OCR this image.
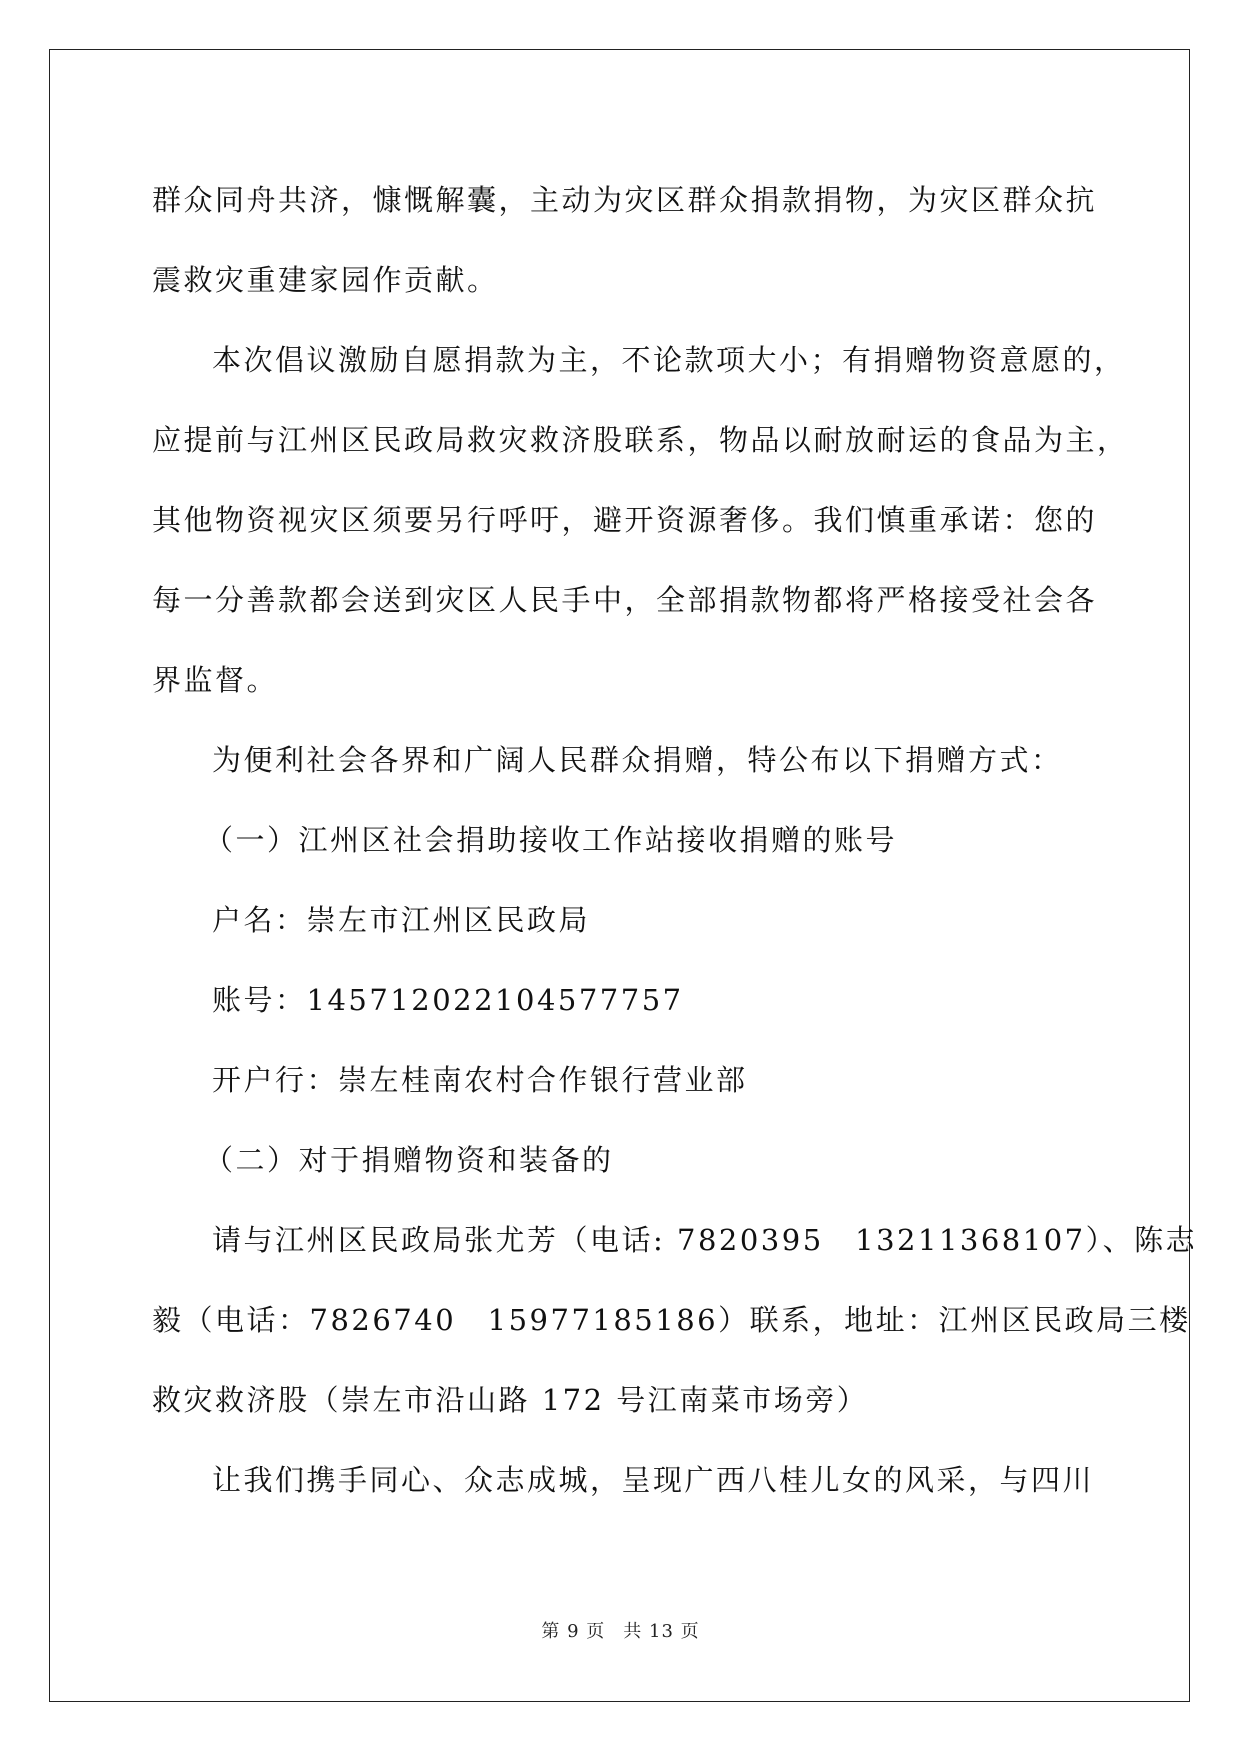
群众同舟共济，慷慨解囊，主动为灾区群众捐款捐物，为灾区群众抗
震救灾重建家园作贡献。
本次倡议激励自愿捐款为主，不论款项大小；有捐赠物资意愿的，
应提前与江州区民政局救灾救济股联系，物品以耐放耐运的食品为主，
其他物资视灾区须要另行呼吁，避开资源奢侈。我们慎重承诺：您的
每一分善款都会送到灾区人民手中，全部捐款物都将严格接受社会各
界监督。
为便利社会各界和广阔人民群众捐赠，特公布以下捐赠方式：
（一）江州区社会捐助接收工作站接收捐赠的账号
户名：崇左市江州区民政局
账号：145712022104577757
开户行：崇左桂南农村合作银行营业部
（二）对于捐赠物资和装备的
请与江州区民政局张尤芳（电话: 7820395　13211368107）、陈志
毅（电话：7826740　15977185186）联系，地址：江州区民政局三楼
救灾救济股（崇左市沿山路 172 号江南菜市场旁）
让我们携手同心、众志成城，呈现广西八桂儿女的风采，与四川
第 9 页 共 13 页
